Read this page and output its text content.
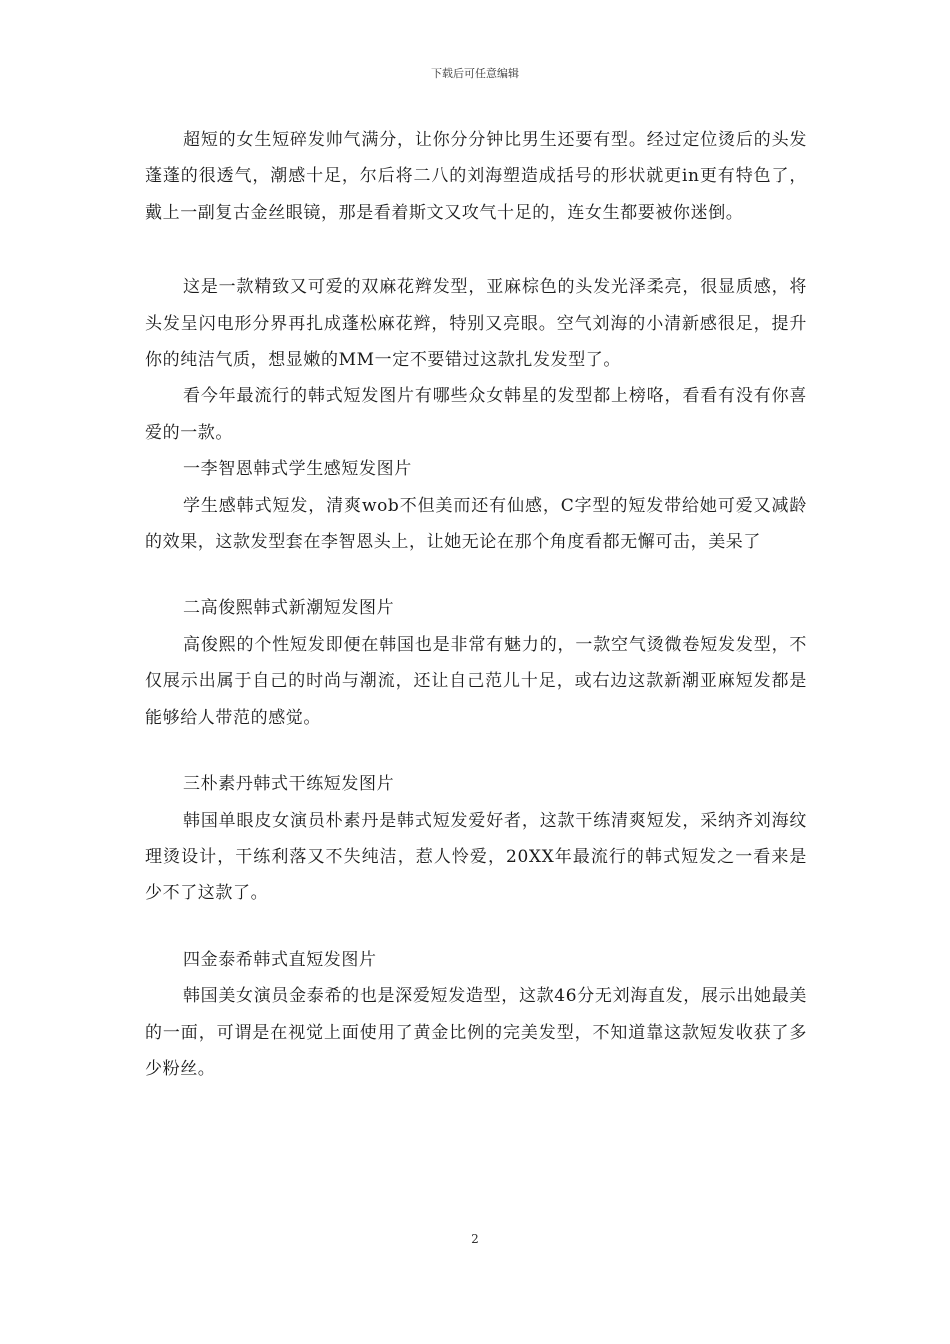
下载后可任意编辑

超短的女生短碎发帅气满分，让你分分钟比男生还要有型。经过定位烫后的头发蓬蓬的很透气，潮感十足，尔后将二八的刘海塑造成括号的形状就更in更有特色了，戴上一副复古金丝眼镜，那是看着斯文又攻气十足的，连女生都要被你迷倒。

这是一款精致又可爱的双麻花辫发型，亚麻棕色的头发光泽柔亮，很显质感，将头发呈闪电形分界再扎成蓬松麻花辫，特别又亮眼。空气刘海的小清新感很足，提升你的纯洁气质，想显嫩的MM一定不要错过这款扎发发型了。

看今年最流行的韩式短发图片有哪些众女韩星的发型都上榜咯，看看有没有你喜爱的一款。

一李智恩韩式学生感短发图片

学生感韩式短发，清爽wob不但美而还有仙感，C字型的短发带给她可爱又减龄的效果，这款发型套在李智恩头上，让她无论在那个角度看都无懈可击，美呆了

二高俊熙韩式新潮短发图片

高俊熙的个性短发即便在韩国也是非常有魅力的，一款空气烫微卷短发发型，不仅展示出属于自己的时尚与潮流，还让自己范儿十足，或右边这款新潮亚麻短发都是能够给人带范的感觉。

三朴素丹韩式干练短发图片

韩国单眼皮女演员朴素丹是韩式短发爱好者，这款干练清爽短发，采纳齐刘海纹理烫设计，干练利落又不失纯洁，惹人怜爱，20XX年最流行的韩式短发之一看来是少不了这款了。

四金泰希韩式直短发图片

韩国美女演员金泰希的也是深爱短发造型，这款46分无刘海直发，展示出她最美的一面，可谓是在视觉上面使用了黄金比例的完美发型，不知道靠这款短发收获了多少粉丝。

2
